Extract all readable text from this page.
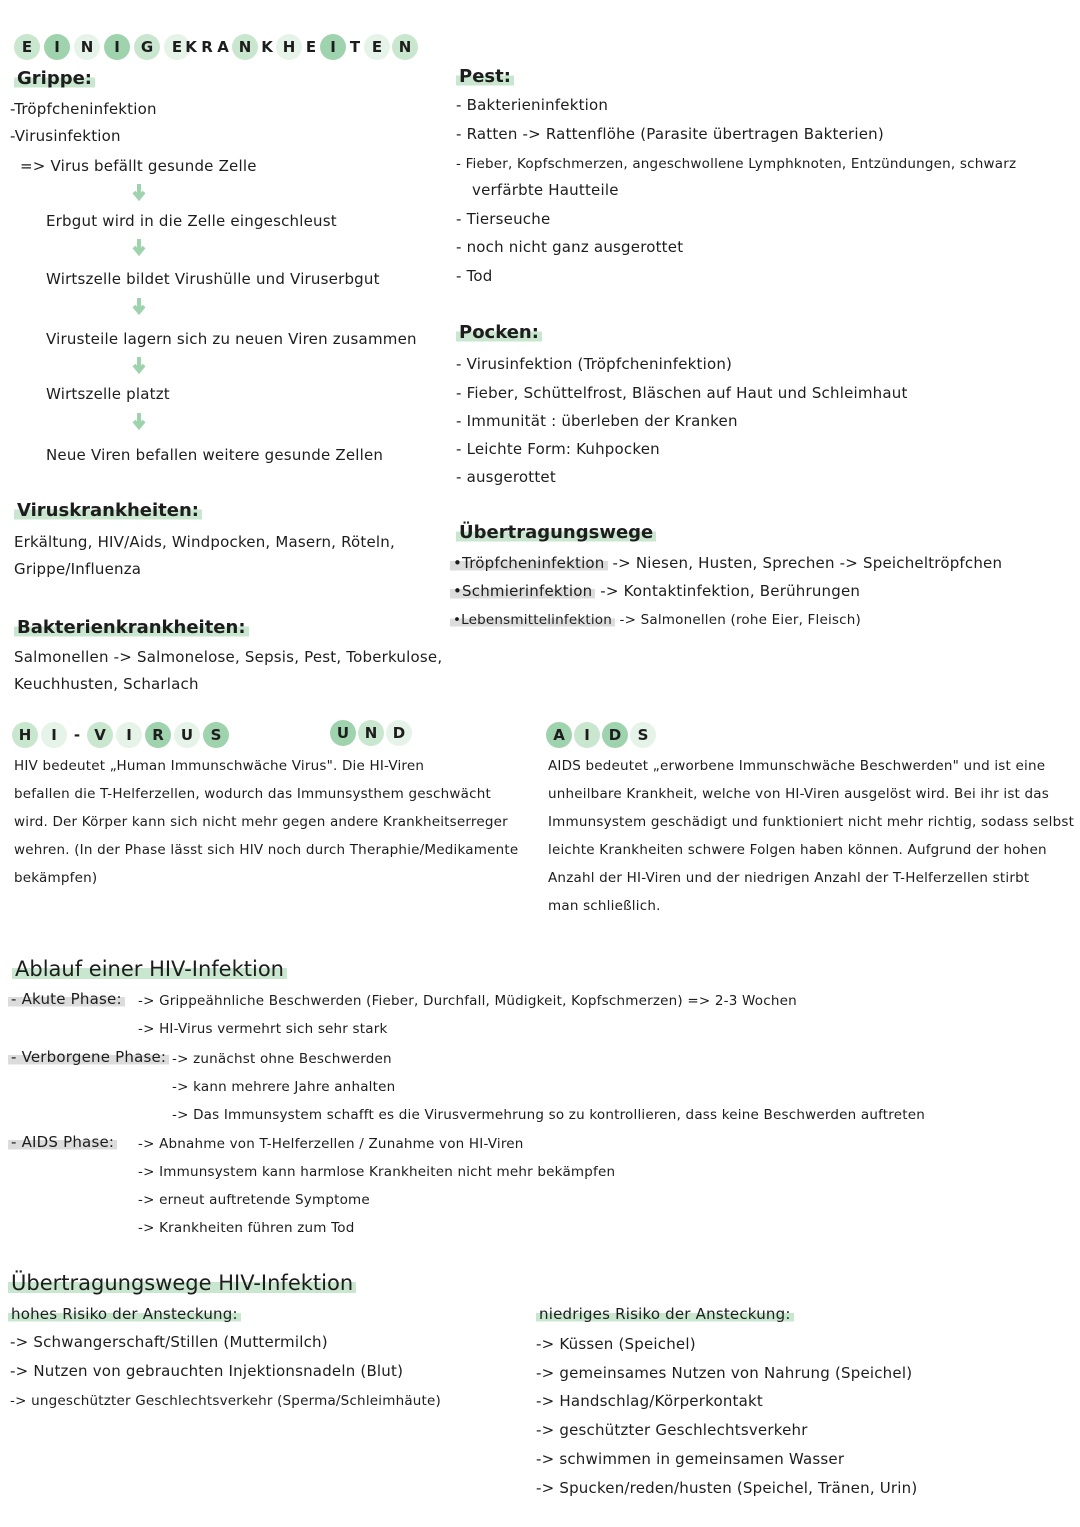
E	I	N	I	G	E K R A N K H E I T E	N
Grippe:
-Tröpfcheninfektion
-Virusinfektion
=> Virus befällt gesunde Zelle
Erbgut wird in die Zelle eingeschleust
Wirtszelle bildet Virushülle und Viruserbgut
Virusteile lagern sich zu neuen Viren zusammen
Wirtszelle platzt
Neue Viren befallen weitere gesunde Zellen
Viruskrankheiten:
Erkältung, HIV/Aids, Windpocken, Masern, Röteln,
Grippe/Influenza
Bakterienkrankheiten:
Salmonellen -> Salmonelose, Sepsis, Pest, Toberkulose,
Keuchhusten, Scharlach
Pest:
- Bakterieninfektion
- Ratten -> Rattenflöhe (Parasite übertragen Bakterien)
- Fieber, Kopfschmerzen, angeschwollene Lymphknoten, Entzündungen, schwarz
verfärbte Hautteile
- Tierseuche
- noch nicht ganz ausgerottet
- Tod
Pocken:
- Virusinfektion (Tröpfcheninfektion)
- Fieber, Schüttelfrost, Bläschen auf Haut und Schleimhaut
- Immunität : überleben der Kranken
- Leichte Form: Kuhpocken
- ausgerottet
Übertragungswege
•Tröpfcheninfektion -> Niesen, Husten, Sprechen -> Speicheltröpfchen
•Schmierinfektion -> Kontaktinfektion, Berührungen
•Lebensmittelinfektion -> Salmonellen (rohe Eier, Fleisch)
H	I	- V	I	R	U	S	U	N	D	A	I	D	S
HIV bedeutet „Human Immunschwäche Virus". Die HI-Viren
befallen die T-Helferzellen, wodurch das Immunsysthem geschwächt
wird. Der Körper kann sich nicht mehr gegen andere Krankheitserreger
wehren. (In der Phase lässt sich HIV noch durch Theraphie/Medikamente
bekämpfen)
AIDS bedeutet „erworbene Immunschwäche Beschwerden" und ist eine
unheilbare Krankheit, welche von HI-Viren ausgelöst wird. Bei ihr ist das
Immunsystem geschädigt und funktioniert nicht mehr richtig, sodass selbst
leichte Krankheiten schwere Folgen haben können. Aufgrund der hohen
Anzahl der HI-Viren und der niedrigen Anzahl der T-Helferzellen stirbt
man schließlich.
Ablauf einer HIV-Infektion
- Akute Phase: -> Grippeähnliche Beschwerden (Fieber, Durchfall, Müdigkeit, Kopfschmerzen) => 2-3 Wochen
-> HI-Virus vermehrt sich sehr stark
- Verborgene Phase: -> zunächst ohne Beschwerden
-> kann mehrere Jahre anhalten
-> Das Immunsystem schafft es die Virusvermehrung so zu kontrollieren, dass keine Beschwerden auftreten
- AIDS Phase: -> Abnahme von T-Helferzellen / Zunahme von HI-Viren
-> Immunsystem kann harmlose Krankheiten nicht mehr bekämpfen
-> erneut auftretende Symptome
-> Krankheiten führen zum Tod
Übertragungswege HIV-Infektion
hohes Risiko der Ansteckung:
-> Schwangerschaft/Stillen (Muttermilch)
-> Nutzen von gebrauchten Injektionsnadeln (Blut)
-> ungeschützter Geschlechtsverkehr (Sperma/Schleimhäute)
niedriges Risiko der Ansteckung:
-> Küssen (Speichel)
-> gemeinsames Nutzen von Nahrung (Speichel)
-> Handschlag/Körperkontakt
-> geschützter Geschlechtsverkehr
-> schwimmen in gemeinsamen Wasser
-> Spucken/reden/husten (Speichel, Tränen, Urin)
